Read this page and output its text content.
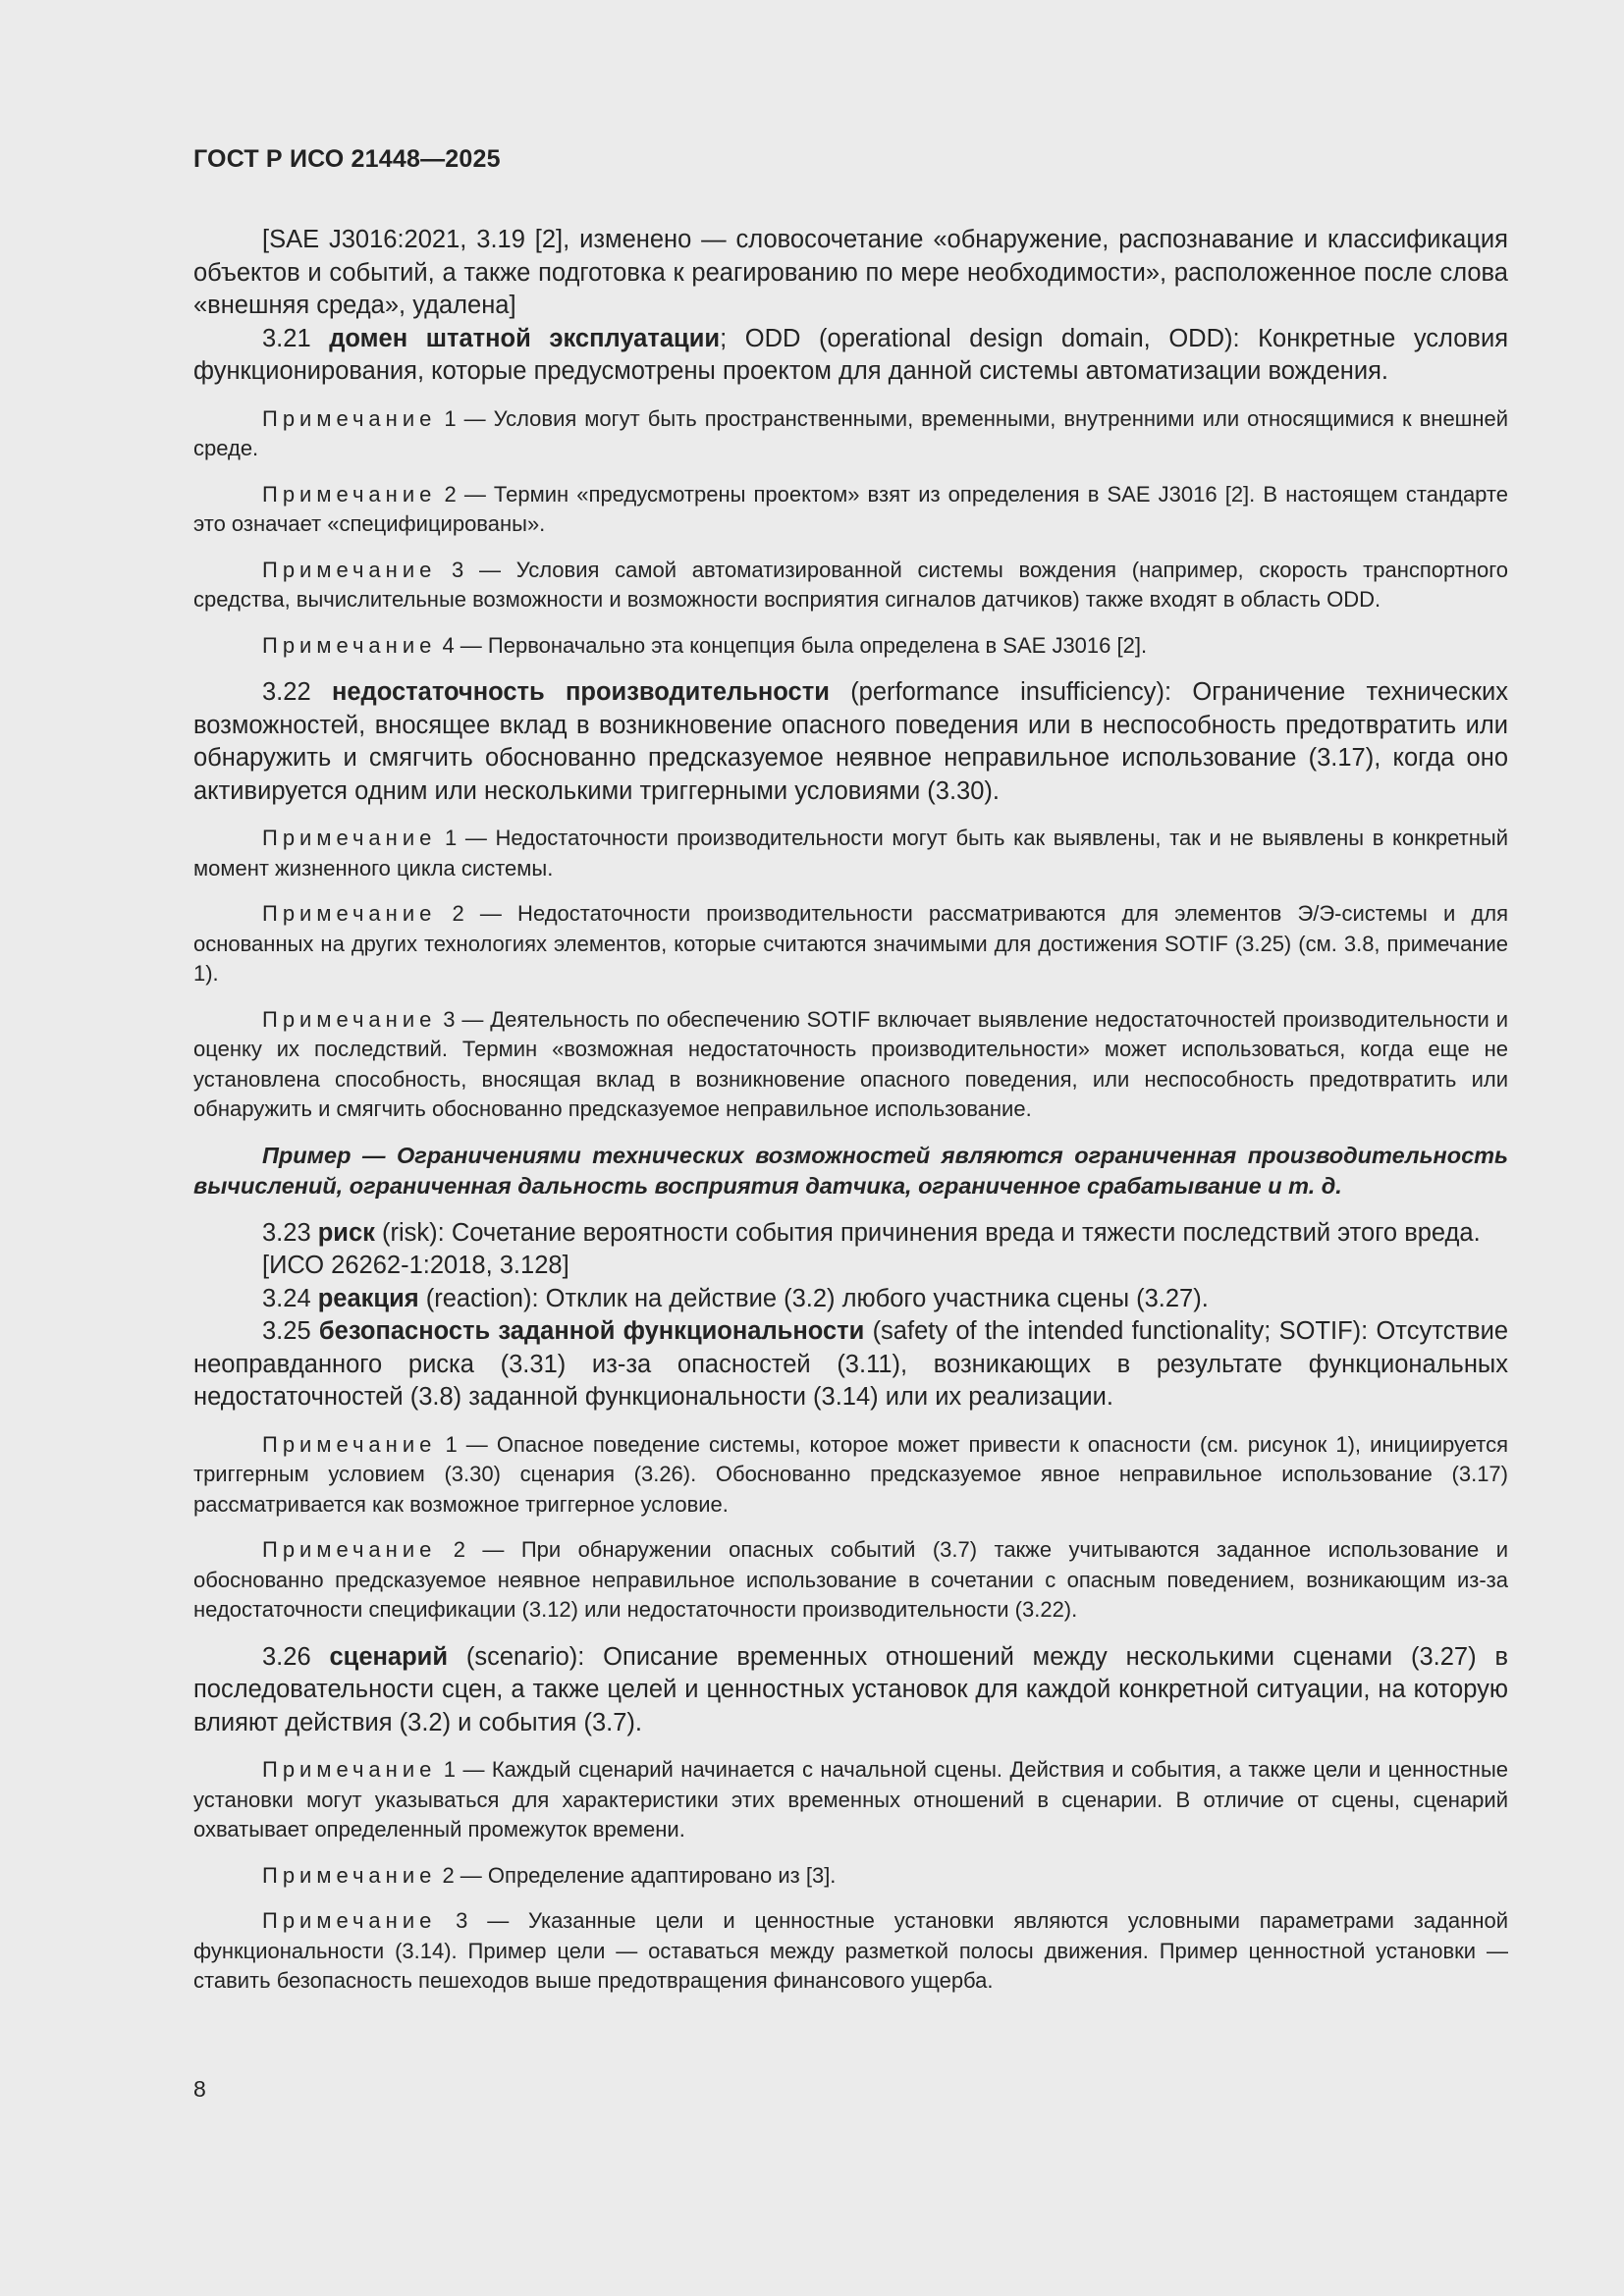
ГОСТ Р ИСО 21448—2025

[SAE J3016:2021, 3.19 [2], изменено — словосочетание «обнаружение, распознавание и классификация объектов и событий, а также подготовка к реагированию по мере необходимости», расположенное после слова «внешняя среда», удалена]

3.21 домен штатной эксплуатации; ODD (operational design domain, ODD): Конкретные условия функционирования, которые предусмотрены проектом для данной системы автоматизации вождения.

Примечание 1 — Условия могут быть пространственными, временными, внутренними или относящимися к внешней среде.

Примечание 2 — Термин «предусмотрены проектом» взят из определения в SAE J3016 [2]. В настоящем стандарте это означает «специфицированы».

Примечание 3 — Условия самой автоматизированной системы вождения (например, скорость транспортного средства, вычислительные возможности и возможности восприятия сигналов датчиков) также входят в область ODD.

Примечание 4 — Первоначально эта концепция была определена в SAE J3016 [2].

3.22 недостаточность производительности (performance insufficiency): Ограничение технических возможностей, вносящее вклад в возникновение опасного поведения или в неспособность предотвратить или обнаружить и смягчить обоснованно предсказуемое неявное неправильное использование (3.17), когда оно активируется одним или несколькими триггерными условиями (3.30).

Примечание 1 — Недостаточности производительности могут быть как выявлены, так и не выявлены в конкретный момент жизненного цикла системы.

Примечание 2 — Недостаточности производительности рассматриваются для элементов Э/Э-системы и для основанных на других технологиях элементов, которые считаются значимыми для достижения SOTIF (3.25) (см. 3.8, примечание 1).

Примечание 3 — Деятельность по обеспечению SOTIF включает выявление недостаточностей производительности и оценку их последствий. Термин «возможная недостаточность производительности» может использоваться, когда еще не установлена способность, вносящая вклад в возникновение опасного поведения, или неспособность предотвратить или обнаружить и смягчить обоснованно предсказуемое неправильное использование.

Пример — Ограничениями технических возможностей являются ограниченная производительность вычислений, ограниченная дальность восприятия датчика, ограниченное срабатывание и т. д.

3.23 риск (risk): Сочетание вероятности события причинения вреда и тяжести последствий этого вреда.

[ИСО 26262-1:2018, 3.128]

3.24 реакция (reaction): Отклик на действие (3.2) любого участника сцены (3.27).

3.25 безопасность заданной функциональности (safety of the intended functionality; SOTIF): Отсутствие неоправданного риска (3.31) из-за опасностей (3.11), возникающих в результате функциональных недостаточностей (3.8) заданной функциональности (3.14) или их реализации.

Примечание 1 — Опасное поведение системы, которое может привести к опасности (см. рисунок 1), инициируется триггерным условием (3.30) сценария (3.26). Обоснованно предсказуемое явное неправильное использование (3.17) рассматривается как возможное триггерное условие.

Примечание 2 — При обнаружении опасных событий (3.7) также учитываются заданное использование и обоснованно предсказуемое неявное неправильное использование в сочетании с опасным поведением, возникающим из-за недостаточности спецификации (3.12) или недостаточности производительности (3.22).

3.26 сценарий (scenario): Описание временных отношений между несколькими сценами (3.27) в последовательности сцен, а также целей и ценностных установок для каждой конкретной ситуации, на которую влияют действия (3.2) и события (3.7).

Примечание 1 — Каждый сценарий начинается с начальной сцены. Действия и события, а также цели и ценностные установки могут указываться для характеристики этих временных отношений в сценарии. В отличие от сцены, сценарий охватывает определенный промежуток времени.

Примечание 2 — Определение адаптировано из [3].

Примечание 3 — Указанные цели и ценностные установки являются условными параметрами заданной функциональности (3.14). Пример цели — оставаться между разметкой полосы движения. Пример ценностной установки — ставить безопасность пешеходов выше предотвращения финансового ущерба.

8
